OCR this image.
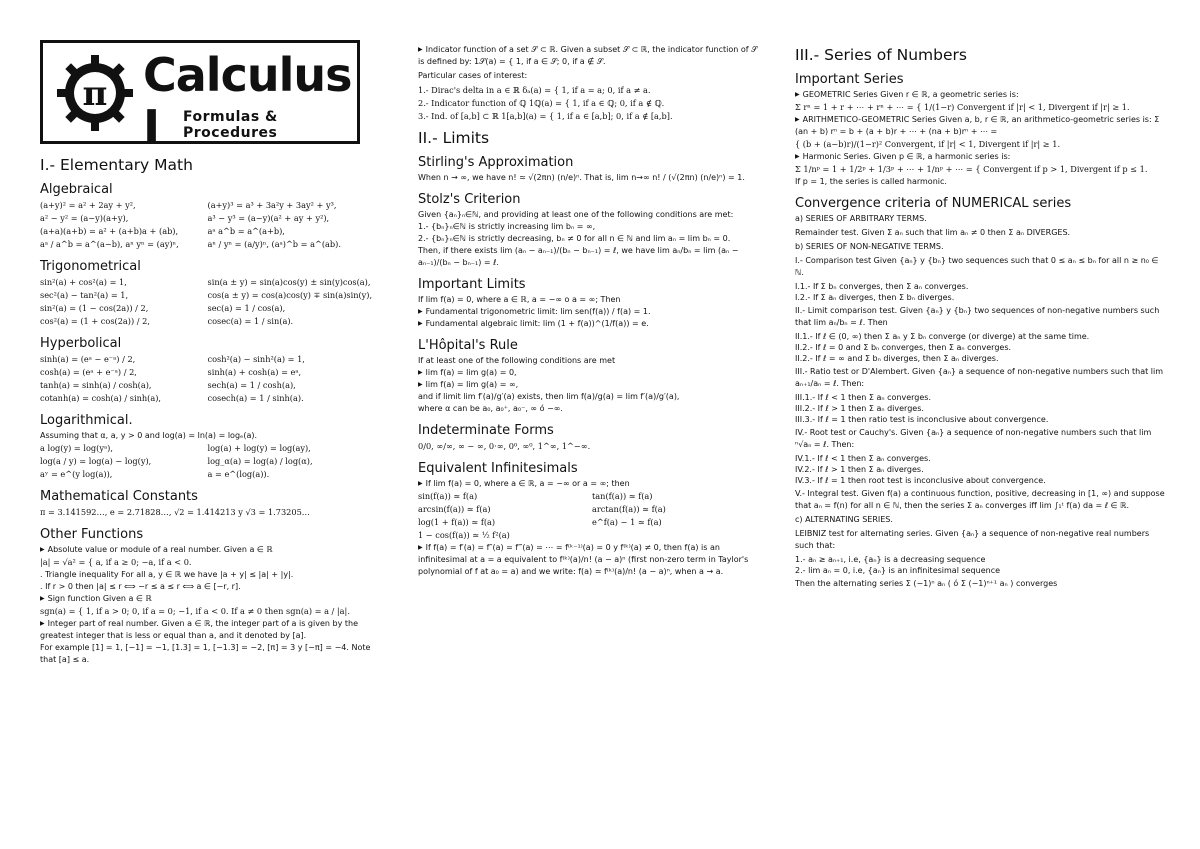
π Calculus I	Formulas & Procedures
I.- Elementary Math
Algebraical
(a+y)² = a² + 2ay + y²,	(a+y)³ = a³ + 3a²y + 3ay² + y³,
a² − y² = (a−y)(a+y),	a³ − y³ = (a−y)(a² + ay + y²),
(a+a)(a+b) = a² + (a+b)a + (ab),	aᵃ a^b = a^(a+b),
aᵃ / a^b = a^(a−b), aⁿ yⁿ = (ay)ⁿ,	aⁿ / yⁿ = (a/y)ⁿ, (aᵃ)^b = a^(ab).
Trigonometrical
sin²(a) + cos²(a) = 1,	sin(a ± y) = sin(a)cos(y) ± sin(y)cos(a),
sec²(a) − tan²(a) = 1,	cos(a ± y) = cos(a)cos(y) ∓ sin(a)sin(y),
sin²(a) = (1 − cos(2a)) / 2,	sec(a) = 1 / cos(a),
cos²(a) = (1 + cos(2a)) / 2,	cosec(a) = 1 / sin(a).
Hyperbolical
sinh(a) = (eᵃ − e⁻ᵃ) / 2,	cosh²(a) − sinh²(a) = 1,
cosh(a) = (eᵃ + e⁻ᵃ) / 2,	sinh(a) + cosh(a) = eᵃ,
tanh(a) = sinh(a) / cosh(a),	sech(a) = 1 / cosh(a),
cotanh(a) = cosh(a) / sinh(a),	cosech(a) = 1 / sinh(a).
Logarithmical.
Assuming that α, a, y > 0 and log(a) = ln(a) = logₑ(a).
a log(y) = log(yᵃ),	log(a) + log(y) = log(ay),
log(a / y) = log(a) − log(y),	log_α(a) = log(a) / log(α),
aʸ = e^(y log(a)),	a = e^(log(a)).
Mathematical Constants
π = 3.141592…, e = 2.71828…, √2 = 1.414213 y √3 = 1.73205…
Other Functions
▶ Absolute value or module of a real number. Given a ∈ ℝ
|a| = √a² = { a, if a ≥ 0; −a, if a < 0.
. Triangle inequality For all a, y ∈ ℝ we have |a + y| ≤ |a| + |y|.
. If r > 0 then |a| ≤ r ⟺ −r ≤ a ≤ r ⟺ a ∈ [−r, r].
▶ Sign function Given a ∈ ℝ
sgn(a) = { 1, if a > 0; 0, if a = 0; −1, if a < 0. If a ≠ 0 then sgn(a) = a / |a|.
▶ Integer part of real number. Given a ∈ ℝ, the integer part of a is given by the greatest integer that is less or equal than a, and it denoted by [a].
For example [1] = 1, [−1] = −1, [1.3] = 1, [−1.3] = −2, [π] = 3 y [−π] = −4. Note that [a] ≤ a.
▶ Indicator function of a set 𝒮 ⊂ ℝ. Given a subset 𝒮 ⊂ ℝ, the indicator function of 𝒮 is defined by: 1𝒮(a) = { 1, if a ∈ 𝒮; 0, if a ∉ 𝒮.

Particular cases of interest:

1.- Dirac's delta in a ∈ ℝ δₐ(a) = { 1, if a = a; 0, if a ≠ a.
2.- Indicator function of ℚ 1ℚ(a) = { 1, if a ∈ ℚ; 0, if a ∉ ℚ.
3.- Ind. of [a,b] ⊂ ℝ 1[a,b](a) = { 1, if a ∈ [a,b]; 0, if a ∉ [a,b].
II.- Limits
Stirling's Approximation
When n → ∞, we have n! ≃ √(2πn) (n/e)ⁿ. That is, lim n→∞ n! / (√(2πn) (n/e)ⁿ) = 1.
Stolz's Criterion
Given {aₙ}ₙ∈ℕ, and providing at least one of the following conditions are met:
1.- {bₙ}ₙ∈ℕ is strictly increasing lim bₙ = ∞,
2.- {bₙ}ₙ∈ℕ is strictly decreasing, bₙ ≠ 0 for all n ∈ ℕ and lim aₙ = lim bₙ = 0.
Then, if there exists lim (aₙ − aₙ₋₁)/(bₙ − bₙ₋₁) = ℓ, we have lim aₙ/bₙ = lim (aₙ − aₙ₋₁)/(bₙ − bₙ₋₁) = ℓ.
Important Limits
If lim f(a) = 0, where a ∈ ℝ, a = −∞ o a = ∞; Then
▶ Fundamental trigonometric limit: lim sen(f(a)) / f(a) = 1.
▶ Fundamental algebraic limit: lim (1 + f(a))^(1/f(a)) = e.
L'Hôpital's Rule
If at least one of the following conditions are met
▶ lim f(a) = lim g(a) = 0,
▶ lim f(a) = lim g(a) = ∞,
and if limit lim f′(a)/g′(a) exists, then lim f(a)/g(a) = lim f′(a)/g′(a),
where α can be a₀, a₀⁺, a₀⁻, ∞ ó −∞.
Indeterminate Forms
0/0, ∞/∞, ∞ − ∞, 0·∞, 0⁰, ∞⁰, 1^∞, 1^−∞.
Equivalent Infinitesimals
▶ If lim f(a) = 0, where a ∈ ℝ, a = −∞ or a = ∞; then
sin(f(a)) ≃ f(a)	tan(f(a)) ≃ f(a)
arcsin(f(a)) ≃ f(a)	arctan(f(a)) ≃ f(a)
log(1 + f(a)) ≃ f(a)	e^f(a) − 1 ≃ f(a)
1 − cos(f(a)) ≃ ½ f²(a)
▶ If f(a) = f′(a) = f″(a) = f‴(a) = ⋯ = f⁽ᵏ⁻¹⁾(a) = 0 y f⁽ᵏ⁾(a) ≠ 0, then f(a) is an infinitesimal at a = a equivalent to f⁽ᵏ⁾(a)/n! (a − a)ⁿ (first non-zero term in Taylor's
polynomial of f at a₀ = a) and we write: f(a) ≃ f⁽ᵏ⁾(a)/n! (a − a)ⁿ, when a → a.
III.- Series of Numbers
Important Series
▶ GEOMETRIC Series Given r ∈ ℝ, a geometric series is:
Σ rⁿ = 1 + r + ⋯ + rⁿ + ⋯ = { 1/(1−r) Convergent if |r| < 1, Divergent if |r| ≥ 1.
▶ ARITHMETICO-GEOMETRIC Series Given a, b, r ∈ ℝ, an arithmetico-geometric series is: Σ (an + b) rⁿ = b + (a + b)r + ⋯ + (na + b)rⁿ + ⋯ =
{ (b + (a−b)r)/(1−r)² Convergent, if |r| < 1, Divergent if |r| ≥ 1.
▶ Harmonic Series. Given p ∈ ℝ, a harmonic series is:
Σ 1/nᵖ = 1 + 1/2ᵖ + 1/3ᵖ + ⋯ + 1/nᵖ + ⋯ = { Convergent if p > 1, Divergent if p ≤ 1.
If p = 1, the series is called harmonic.
Convergence criteria of NUMERICAL series

a) SERIES OF ARBITRARY TERMS.

Remainder test. Given Σ aₙ such that lim aₙ ≠ 0 then Σ aₙ DIVERGES.

b) SERIES OF NON-NEGATIVE TERMS.

I.- Comparison test Given {aₙ} y {bₙ} two sequences such that 0 ≤ aₙ ≤ bₙ for all n ≥ n₀ ∈ ℕ.

I.1.- If Σ bₙ converges, then Σ aₙ converges.
I.2.- If Σ aₙ diverges, then Σ bₙ diverges.

II.- Limit comparison test. Given {aₙ} y {bₙ} two sequences of non-negative numbers such that lim aₙ/bₙ = ℓ. Then

II.1.- If ℓ ∈ (0, ∞) then Σ aₙ y Σ bₙ converge (or diverge) at the same time.
II.2.- If ℓ = 0 and Σ bₙ converges, then Σ aₙ converges.
II.2.- If ℓ = ∞ and Σ bₙ diverges, then Σ aₙ diverges.

III.- Ratio test or D'Alembert. Given {aₙ} a sequence of non-negative numbers such that lim aₙ₊₁/aₙ = ℓ. Then:

III.1.- If ℓ < 1 then Σ aₙ converges.
III.2.- If ℓ > 1 then Σ aₙ diverges.
III.3.- If ℓ = 1 then ratio test is inconclusive about convergence.

IV.- Root test or Cauchy's. Given {aₙ} a sequence of non-negative numbers such that lim ⁿ√aₙ = ℓ. Then:

IV.1.- If ℓ < 1 then Σ aₙ converges.
IV.2.- If ℓ > 1 then Σ aₙ diverges.
IV.3.- If ℓ = 1 then root test is inconclusive about convergence.

V.- Integral test. Given f(a) a continuous function, positive, decreasing in [1, ∞) and suppose that aₙ = f(n) for all n ∈ ℕ, then the series Σ aₙ converges iff lim ∫₁ᵗ f(a) da = ℓ ∈ ℝ.

c) ALTERNATING SERIES.

LEIBNIZ test for alternating series. Given {aₙ} a sequence of non-negative real numbers such that:

1.- aₙ ≥ aₙ₊₁, i.e, {aₙ} is a decreasing sequence
2.- lim aₙ = 0, i.e, {aₙ} is an infinitesimal sequence

Then the alternating series Σ (−1)ⁿ aₙ ( ó Σ (−1)ⁿ⁺¹ aₙ ) converges
